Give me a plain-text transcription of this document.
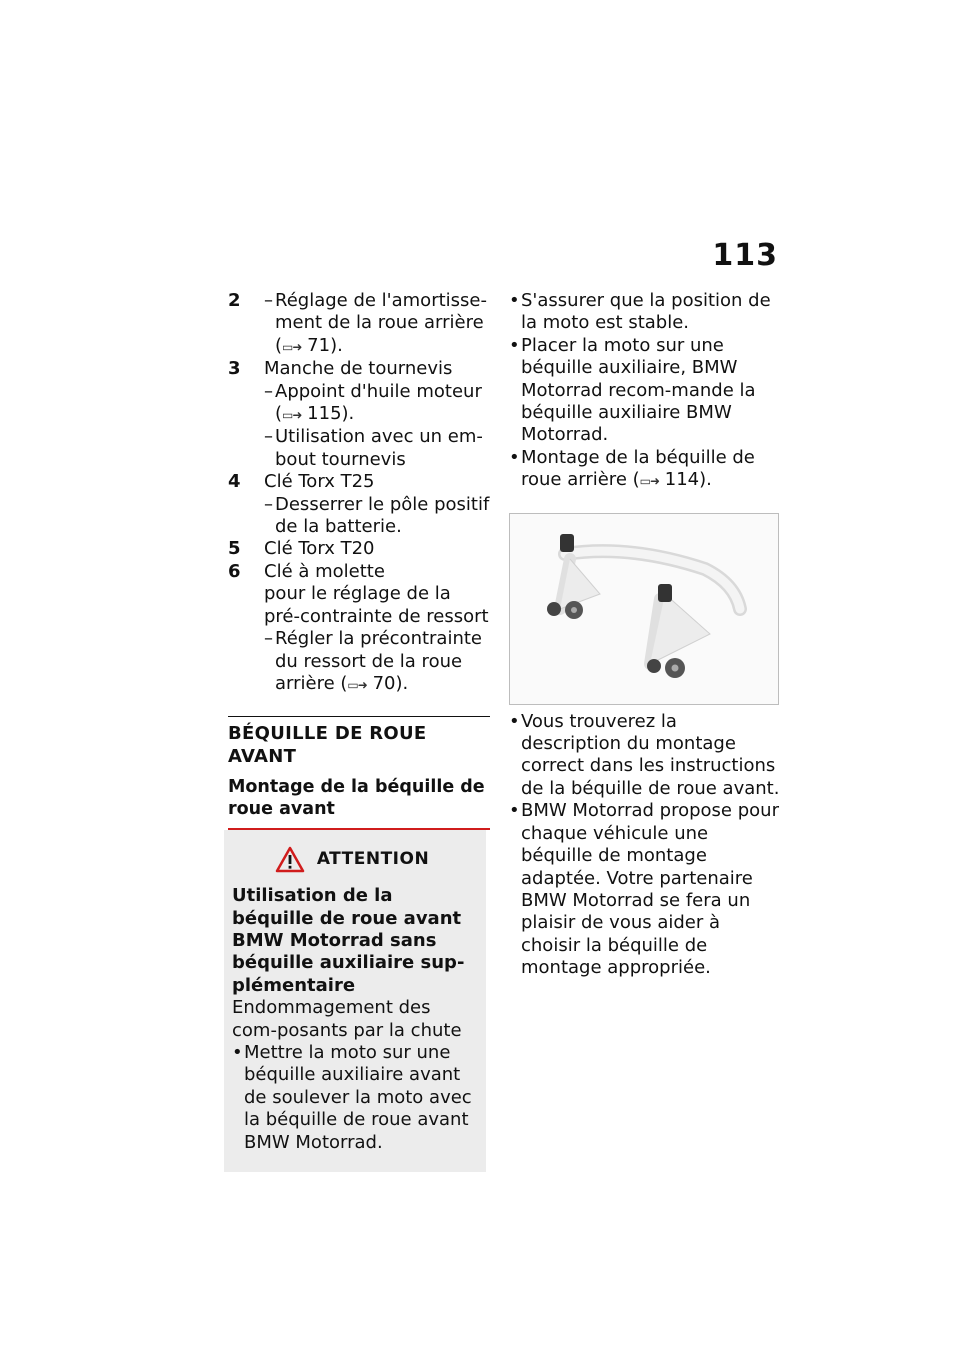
113
2	– Réglage de l'amortisse-ment de la roue arrière
(▭➜ 71).
3	Manche de tournevis
– Appoint d'huile moteur
(▭➜ 115).
– Utilisation avec un em-bout tournevis
4	Clé Torx T25
– Desserrer le pôle positif de la batterie.
5	Clé Torx T20
6	Clé à molette
pour le réglage de la pré-contrainte de ressort
– Régler la précontrainte du ressort de la roue arrière (▭➜ 70).
BÉQUILLE DE ROUE AVANT
Montage de la béquille de roue avant
ATTENTION
Utilisation de la béquille de roue avant BMW Motorrad sans béquille auxiliaire sup-plémentaire
Endommagement des com-posants par la chute
• Mettre la moto sur une béquille auxiliaire avant de soulever la moto avec la béquille de roue avant BMW Motorrad.
• S'assurer que la position de la moto est stable.
• Placer la moto sur une béquille auxiliaire, BMW Motorrad recom-mande la béquille auxiliaire BMW Motorrad.
• Montage de la béquille de roue arrière (▭➜ 114).
• Vous trouverez la description du montage correct dans les instructions de la béquille de roue avant.
• BMW Motorrad propose pour chaque véhicule une béquille de montage adaptée. Votre partenaire BMW Motorrad se fera un plaisir de vous aider à choisir la béquille de montage appropriée.
